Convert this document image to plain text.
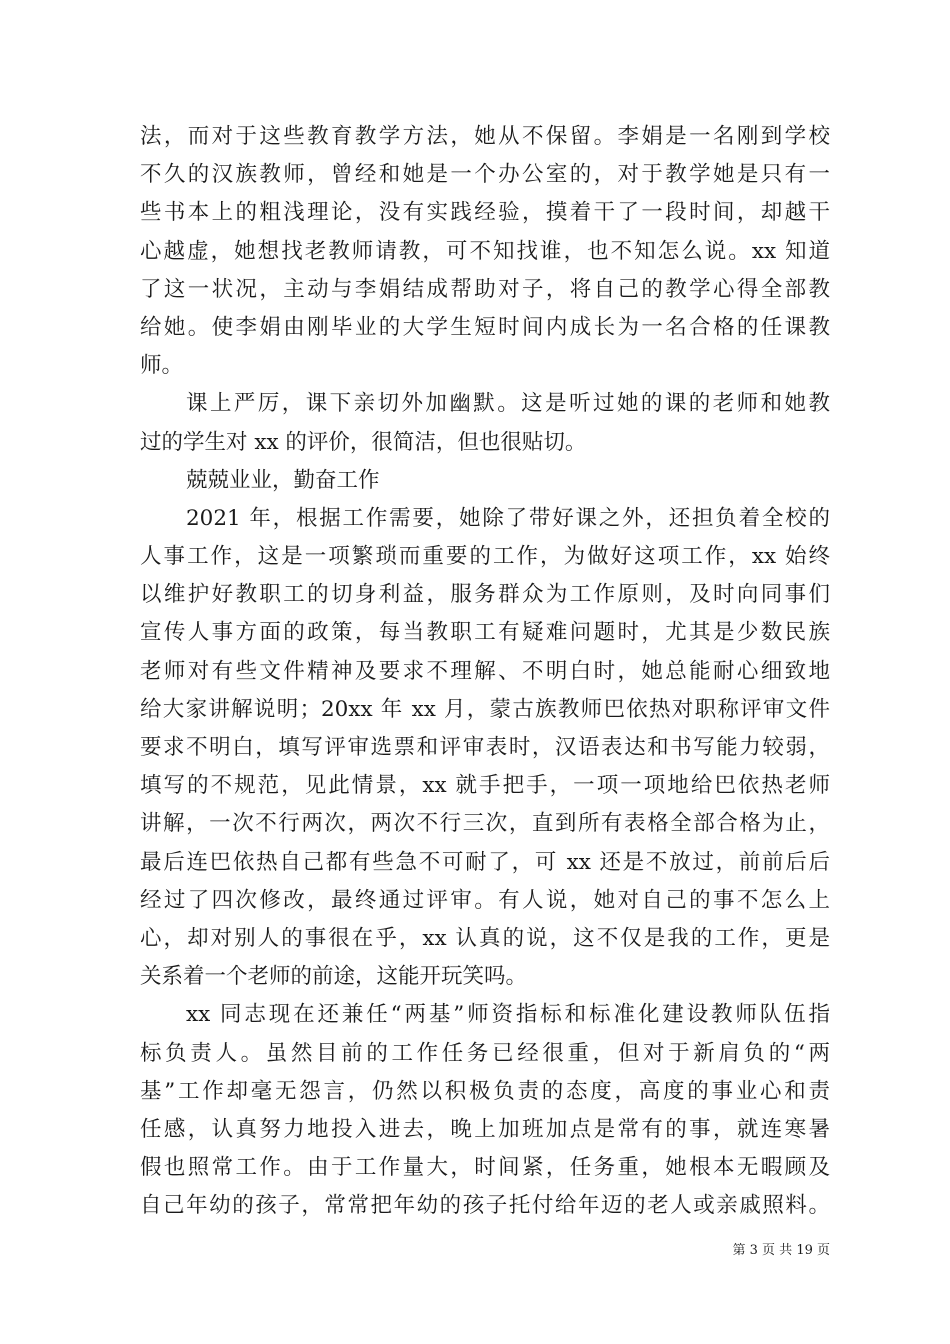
法，而对于这些教育教学方法，她从不保留。李娟是一名刚到学校
不久的汉族教师，曾经和她是一个办公室的，对于教学她是只有一
些书本上的粗浅理论，没有实践经验，摸着干了一段时间，却越干
心越虚，她想找老教师请教，可不知找谁，也不知怎么说。xx 知道
了这一状况，主动与李娟结成帮助对子，将自己的教学心得全部教
给她。使李娟由刚毕业的大学生短时间内成长为一名合格的任课教
师。
课上严厉，课下亲切外加幽默。这是听过她的课的老师和她教
过的学生对 xx 的评价，很简洁，但也很贴切。
兢兢业业，勤奋工作
2021 年，根据工作需要，她除了带好课之外，还担负着全校的
人事工作，这是一项繁琐而重要的工作，为做好这项工作，xx 始终
以维护好教职工的切身利益，服务群众为工作原则，及时向同事们
宣传人事方面的政策，每当教职工有疑难问题时，尤其是少数民族
老师对有些文件精神及要求不理解、不明白时，她总能耐心细致地
给大家讲解说明；20xx 年 xx 月，蒙古族教师巴依热对职称评审文件
要求不明白，填写评审选票和评审表时，汉语表达和书写能力较弱，
填写的不规范，见此情景，xx 就手把手，一项一项地给巴依热老师
讲解，一次不行两次，两次不行三次，直到所有表格全部合格为止，
最后连巴依热自己都有些急不可耐了，可 xx 还是不放过，前前后后
经过了四次修改，最终通过评审。有人说，她对自己的事不怎么上
心，却对别人的事很在乎，xx 认真的说，这不仅是我的工作，更是
关系着一个老师的前途，这能开玩笑吗。
xx 同志现在还兼任“两基”师资指标和标准化建设教师队伍指
标负责人。虽然目前的工作任务已经很重，但对于新肩负的“两
基”工作却毫无怨言，仍然以积极负责的态度，高度的事业心和责
任感，认真努力地投入进去，晚上加班加点是常有的事，就连寒暑
假也照常工作。由于工作量大，时间紧，任务重，她根本无暇顾及
自己年幼的孩子，常常把年幼的孩子托付给年迈的老人或亲戚照料。
第 3 页 共 19 页
